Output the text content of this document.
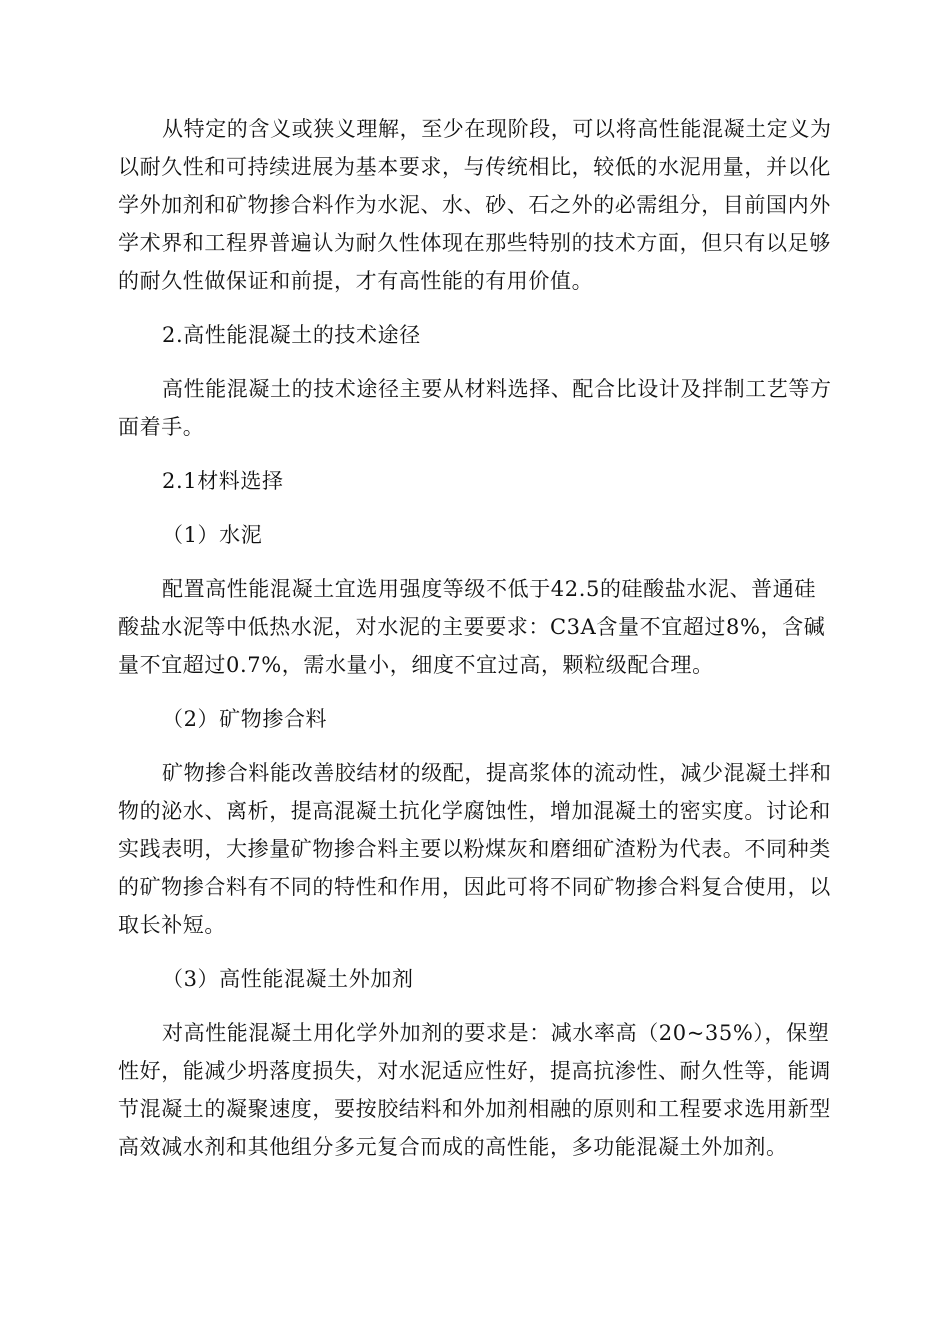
从特定的含义或狭义理解，至少在现阶段，可以将高性能混凝土定义为以耐久性和可持续进展为基本要求，与传统相比，较低的水泥用量，并以化学外加剂和矿物掺合料作为水泥、水、砂、石之外的必需组分，目前国内外学术界和工程界普遍认为耐久性体现在那些特别的技术方面，但只有以足够的耐久性做保证和前提，才有高性能的有用价值。

2.高性能混凝土的技术途径

高性能混凝土的技术途径主要从材料选择、配合比设计及拌制工艺等方面着手。

2.1材料选择

（1）水泥

配置高性能混凝土宜选用强度等级不低于42.5的硅酸盐水泥、普通硅酸盐水泥等中低热水泥，对水泥的主要要求：C3A含量不宜超过8%，含碱量不宜超过0.7%，需水量小，细度不宜过高，颗粒级配合理。

（2）矿物掺合料

矿物掺合料能改善胶结材的级配，提高浆体的流动性，减少混凝土拌和物的泌水、离析，提高混凝土抗化学腐蚀性，增加混凝土的密实度。讨论和实践表明，大掺量矿物掺合料主要以粉煤灰和磨细矿渣粉为代表。不同种类的矿物掺合料有不同的特性和作用，因此可将不同矿物掺合料复合使用，以取长补短。

（3）高性能混凝土外加剂

对高性能混凝土用化学外加剂的要求是：减水率高（20~35%），保塑性好，能减少坍落度损失，对水泥适应性好，提高抗渗性、耐久性等，能调节混凝土的凝聚速度，要按胶结料和外加剂相融的原则和工程要求选用新型高效减水剂和其他组分多元复合而成的高性能，多功能混凝土外加剂。
